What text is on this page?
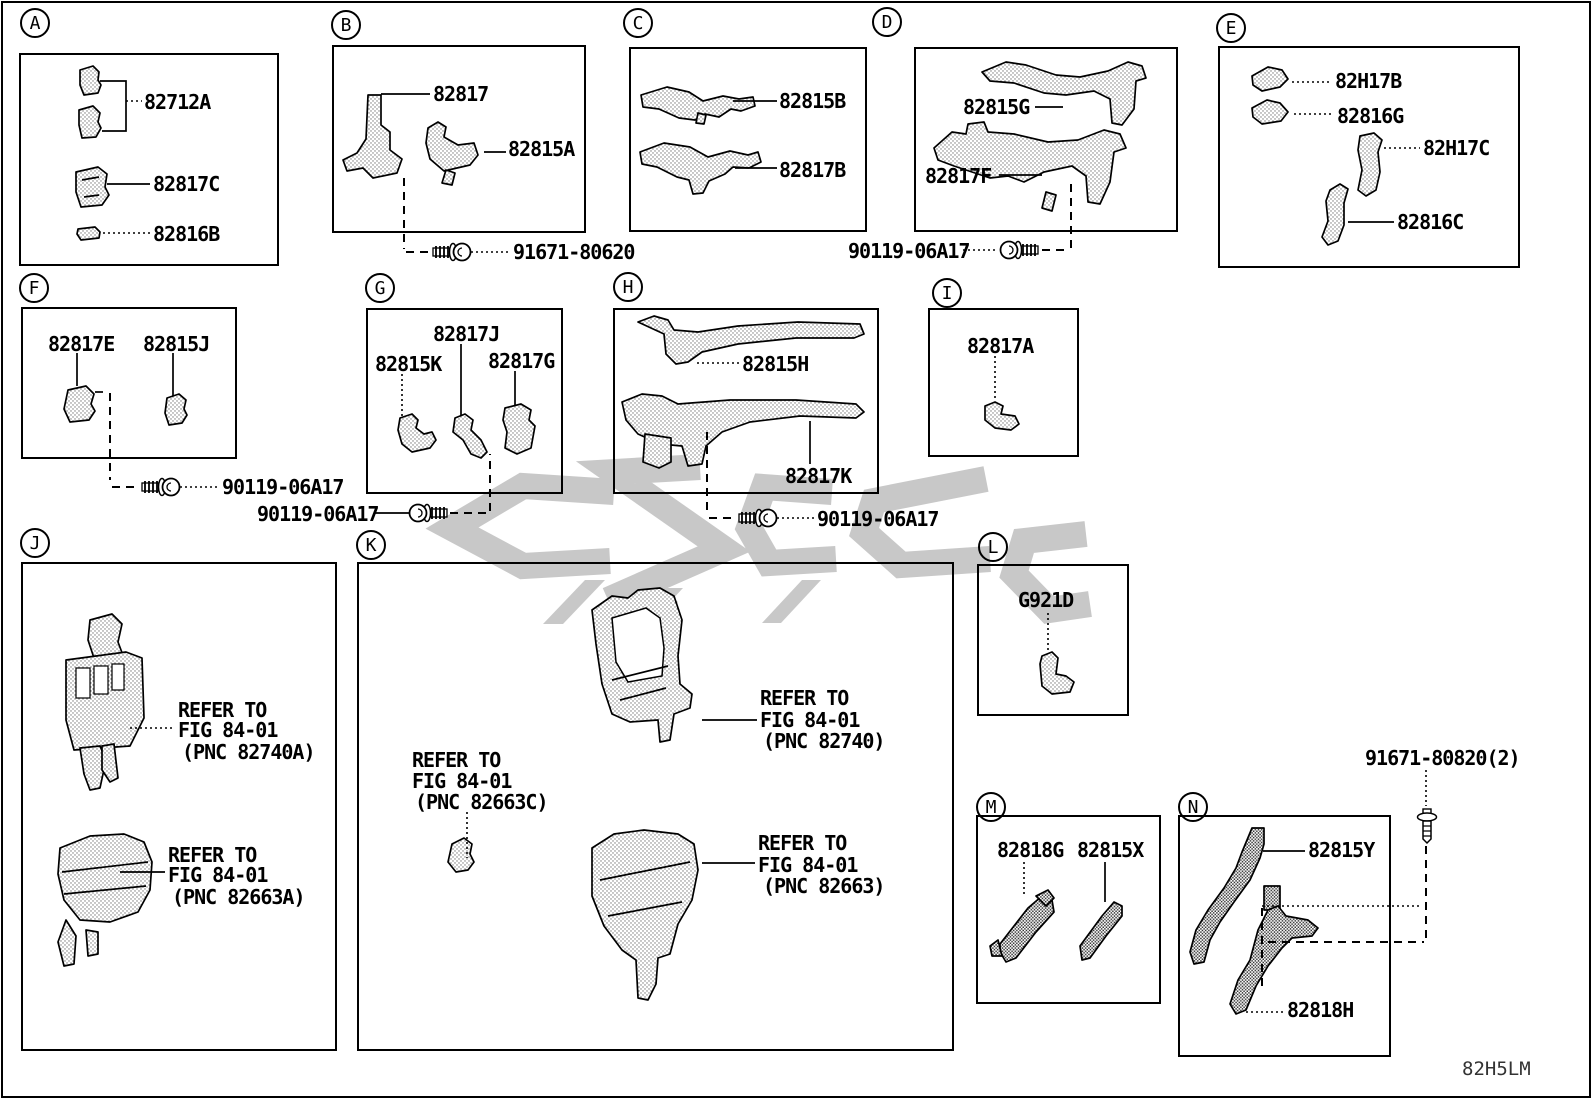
A	B	C	D	E
F	G	H	I
J	K	L
M	N
82712A
82817C
82816B
82817
82815A
91671-80620
82815B
82817B
82815G
82817F
90119-06A17
82H17B
82816G
82H17C
82816C
82817E 82815J
90119-06A17
82817J
82815K 82817G
90119-06A17
82815H
82817K
90119-06A17
82817A
REFER TO
FIG 84-01
(PNC 82740A)
REFER TO
FIG 84-01
(PNC 82663A)
REFER TO
FIG 84-01
(PNC 82663C)
REFER TO
FIG 84-01
(PNC 82740)
REFER TO
FIG 84-01
(PNC 82663)
G921D
82818G 82815X	82815Y
82818H
91671-80820(2)
82H5LM
